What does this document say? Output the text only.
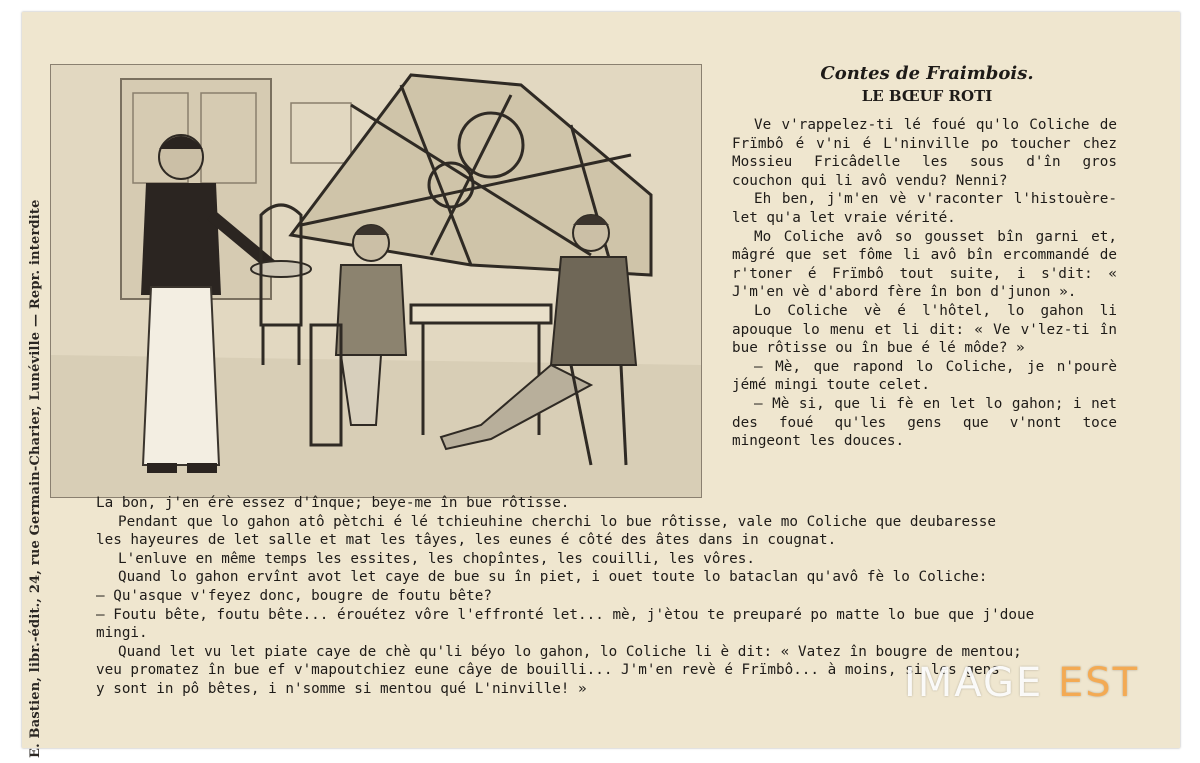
E. Bastien, libr.-édit., 24, rue Germain-Charier, Lunéville — Repr. interdite
Contes de Fraimbois.
LE BŒUF ROTI

Ve v'rappelez-ti lé foué qu'lo Coliche de Frïmbô é v'ni é L'ninville po toucher chez Mossieu Fricâdelle les sous d'în gros couchon qui li avô vendu? Nenni?

Eh ben, j'm'en vè v'raconter l'histouère-let qu'a let vraie vérité.

Mo Coliche avô so gousset bîn garni et, mâgré que set fôme li avô bîn ercommandé de r'toner é Frïmbô tout suite, i s'dit: « J'm'en vè d'abord fère în bon d'junon ».

Lo Coliche vè é l'hôtel, lo gahon li apouque lo menu et li dit: « Ve v'lez-ti în bue rôtisse ou în bue é lé môde? »

— Mè, que rapond lo Coliche, je n'pourè jémé mingi toute celet.

— Mè si, que li fè en let lo gahon; i net des foué qu'les gens que v'nont toce mingeont les douces.

La bon, j'en érè essez d'înque; beye-me în bue rôtisse.

Pendant que lo gahon atô pètchi é lé tchieuhine cherchi lo bue rôtisse, vale mo Coliche que deubaresse

les hayeures de let salle et mat les tâyes, les eunes é côté des âtes dans in cougnat.

L'enluve en même temps les essites, les chopîntes, les couilli, les vôres.

Quand lo gahon ervînt avot let caye de bue su în piet, i ouet toute lo bataclan qu'avô fè lo Coliche:

— Qu'asque v'feyez donc, bougre de foutu bête?

— Foutu bête, foutu bête... érouétez vôre l'effronté let... mè, j'ètou te preuparé po matte lo bue que j'doue

mingi.

Quand let vu let piate caye de chè qu'li béyo lo gahon, lo Coliche li è dit: « Vatez în bougre de mentou;

veu promatez în bue ef v'mapoutchiez eune câye de bouilli... J'm'en revè é Frïmbô... à moins, si les gens

y sont in pô bêtes, i n'somme si mentou qué L'ninville! »	IMAGE EST
